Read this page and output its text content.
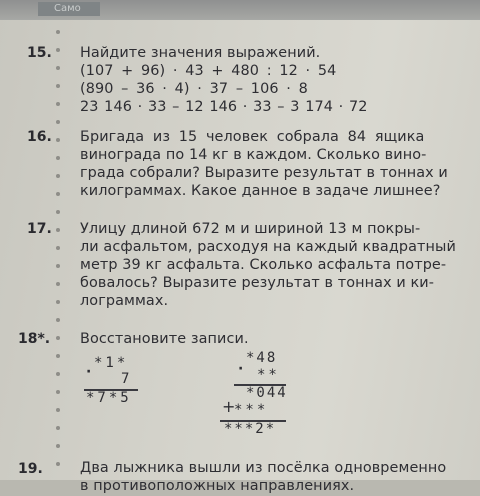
Само
15. Найдите значения выражений.
(107 + 96) · 43 + 480 : 12 · 54
(890 – 36 · 4) · 37 – 106 · 8
23 146 · 33 – 12 146 · 33 – 3 174 · 72
16. Бригада из 15 человек собрала 84 ящика
винограда по 14 кг в каждом. Сколько вино-
града собрали? Выразите результат в тоннах и
килограммах. Какое данное в задаче лишнее?
17. Улицу длиной 672 м и шириной 13 м покры-
ли асфальтом, расходуя на каждый квадратный
метр 39 кг асфальта. Сколько асфальта потре-
бовалось? Выразите результат в тоннах и ки-
лограммах.
18*. Восстановите записи.
*1*
· 7
*7*5
*48
· **
*044
+
***
***2*
19.	Два лыжника вышли из посёлка одновременно
в противоположных направлениях.
